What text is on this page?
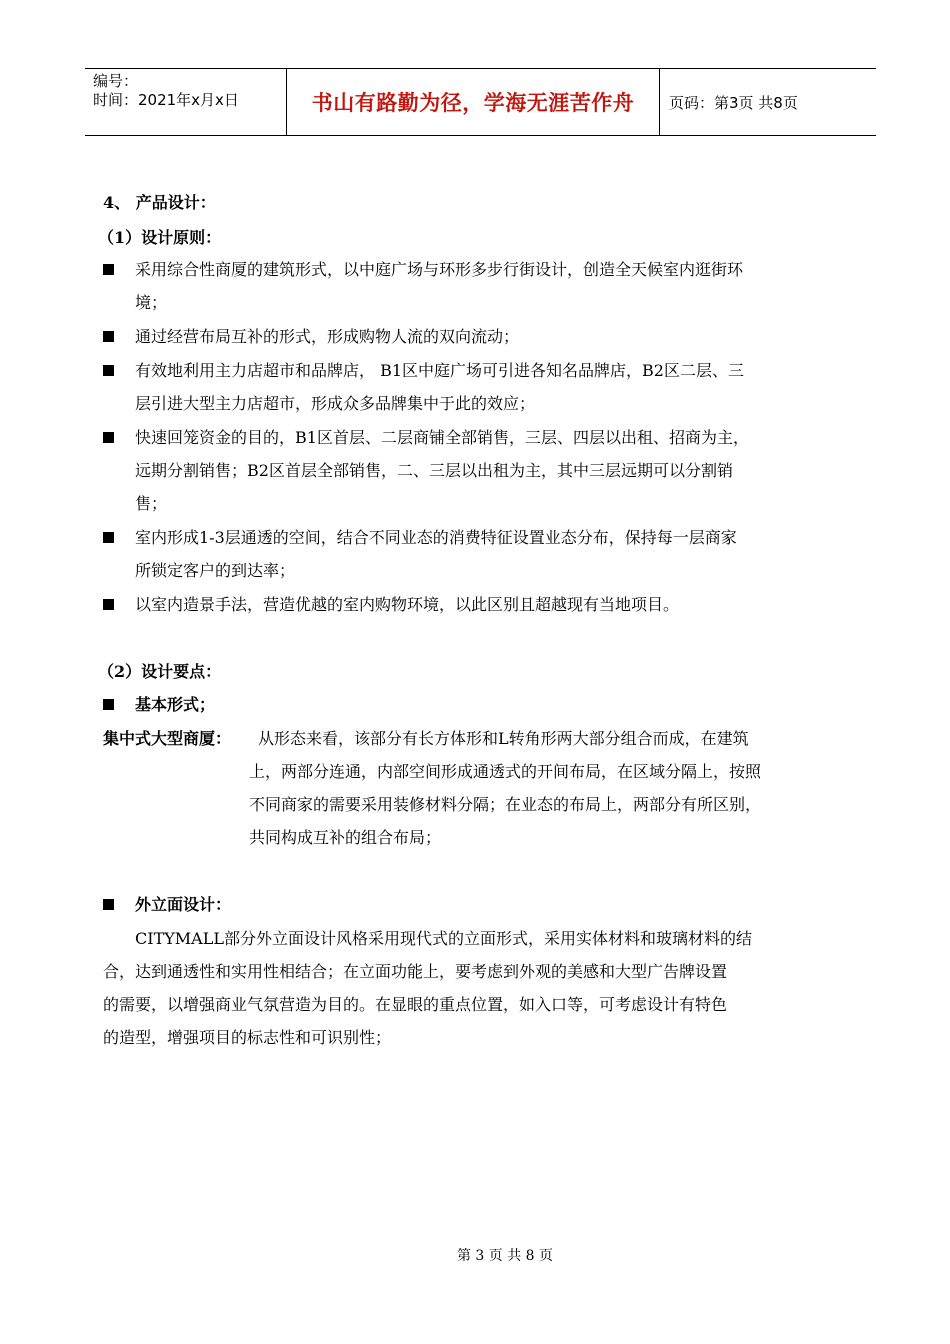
编号：
时间：2021年x月x日	书山有路勤为径，学海无涯苦作舟	页码：第3页 共8页
4、 产品设计：
（1）设计原则：
采用综合性商厦的建筑形式，以中庭广场与环形多步行街设计，创造全天候室内逛街环
境；
通过经营布局互补的形式，形成购物人流的双向流动；
有效地利用主力店超市和品牌店， B1区中庭广场可引进各知名品牌店，B2区二层、三
层引进大型主力店超市，形成众多品牌集中于此的效应；
快速回笼资金的目的，B1区首层、二层商铺全部销售，三层、四层以出租、招商为主，
远期分割销售；B2区首层全部销售，二、三层以出租为主，其中三层远期可以分割销
售；
室内形成1-3层通透的空间，结合不同业态的消费特征设置业态分布，保持每一层商家
所锁定客户的到达率；
以室内造景手法，营造优越的室内购物环境，以此区别且超越现有当地项目。
（2）设计要点：
基本形式；
集中式大型商厦： 从形态来看，该部分有长方体形和L转角形两大部分组合而成，在建筑
上，两部分连通，内部空间形成通透式的开间布局，在区域分隔上，按照
不同商家的需要采用装修材料分隔；在业态的布局上，两部分有所区别，
共同构成互补的组合布局；
外立面设计：
CITYMALL部分外立面设计风格采用现代式的立面形式，采用实体材料和玻璃材料的结
合，达到通透性和实用性相结合；在立面功能上，要考虑到外观的美感和大型广告牌设置
的需要，以增强商业气氛营造为目的。在显眼的重点位置，如入口等，可考虑设计有特色
的造型，增强项目的标志性和可识别性；
第 3 页 共 8 页
